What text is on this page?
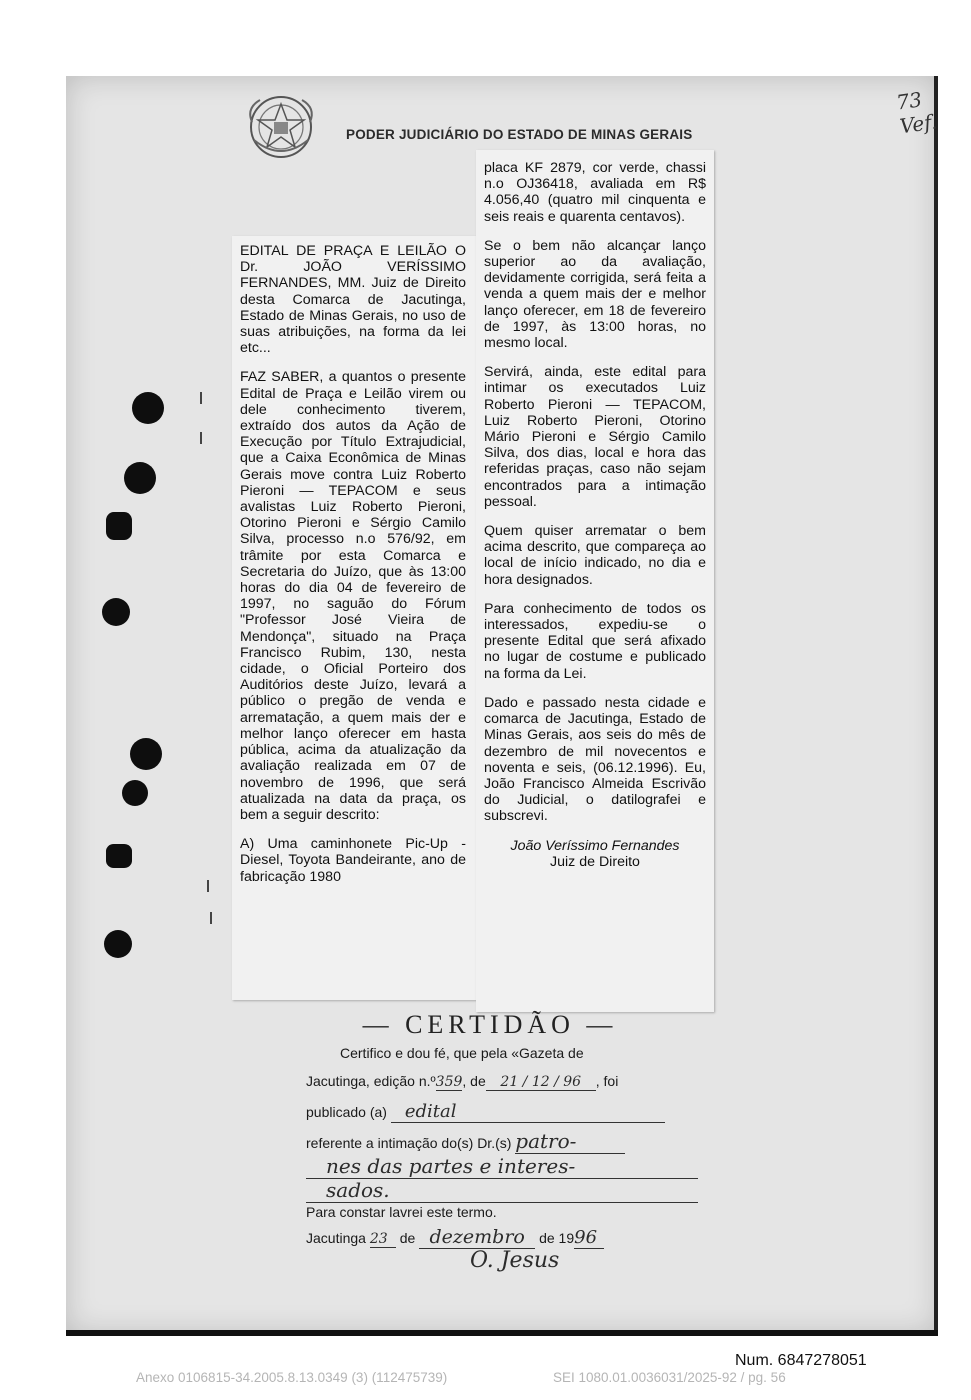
PODER JUDICIÁRIO DO ESTADO DE MINAS GERAIS
73
Vef.

EDITAL DE PRAÇA E LEILÃO O Dr. JOÃO VERÍSSIMO FERNANDES, MM. Juiz de Direito desta Comarca de Jacutinga, Estado de Minas Gerais, no uso de suas atribuições, na forma da lei etc...

FAZ SABER, a quantos o presente Edital de Praça e Leilão virem ou dele conhecimento tiverem, extraído dos autos da Ação de Execução por Título Extrajudicial, que a Caixa Econômica de Minas Gerais move contra Luiz Roberto Pieroni — TEPACOM e seus avalistas Luiz Roberto Pieroni, Otorino Pieroni e Sérgio Camilo Silva, processo n.o 576/92, em trâmite por esta Comarca e Secretaria do Juízo, que às 13:00 horas do dia 04 de fevereiro de 1997, no saguão do Fórum "Professor José Vieira de Mendonça", situado na Praça Francisco Rubim, 130, nesta cidade, o Oficial Porteiro dos Auditórios deste Juízo, levará a público o pregão de venda e arrematação, a quem mais der e melhor lanço oferecer em hasta pública, acima da atualização da avaliação realizada em 07 de novembro de 1996, que será atualizada na data da praça, os bem a seguir descrito:

A) Uma caminhonete Pic-Up - Diesel, Toyota Bandeirante, ano de fabricação 1980

placa KF 2879, cor verde, chassi n.o OJ36418, avaliada em R$ 4.056,40 (quatro mil cinquenta e seis reais e quarenta centavos).

Se o bem não alcançar lanço superior ao da avaliação, devidamente corrigida, será feita a venda a quem mais der e melhor lanço oferecer, em 18 de fevereiro de 1997, às 13:00 horas, no mesmo local.

Servirá, ainda, este edital para intimar os executados Luiz Roberto Pieroni — TEPACOM, Luiz Roberto Pieroni, Otorino Mário Pieroni e Sérgio Camilo Silva, dos dias, local e hora das referidas praças, caso não sejam encontrados para a intimação pessoal.

Quem quiser arrematar o bem acima descrito, que compareça ao local de início indicado, no dia e hora designados.

Para conhecimento de todos os interessados, expediu-se o presente Edital que será afixado no lugar de costume e publicado na forma da Lei.

Dado e passado nesta cidade e comarca de Jacutinga, Estado de Minas Gerais, aos seis do mês de dezembro de mil novecentos e noventa e seis, (06.12.1996). Eu, João Francisco Almeida Escrivão do Judicial, o datilografei e subscrevi.

João Veríssimo Fernandes

Juiz de Direito

— CERTIDÃO —
Certifico e dou fé, que pela «Gazeta de
Jacutinga, edição n.º359, de 21 / 12 / 96 , foi
publicado (a) edital
referente a intimação do(s) Dr.(s) patro-
nes das partes e interes-
sados.
Para constar lavrei este termo.
Jacutinga 23 de dezembro de 1996
O. Jesus
Num. 6847278051
Anexo 0106815-34.2005.8.13.0349 (3) (112475739)	SEI 1080.01.0036031/2025-92 / pg. 56
